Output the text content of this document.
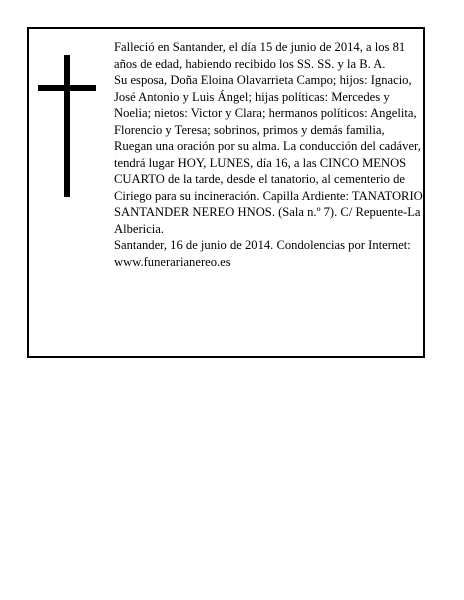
Falleció en Santander, el día 15 de junio de 2014, a los 81 años de edad, habiendo recibido los SS. SS. y la B. A.

Su esposa, Doña Eloina Olavarrieta Campo; hijos: Ignacio, José Antonio y Luis Ángel; hijas políticas: Mercedes y Noelia; nietos: Victor y Clara; hermanos políticos: Angelita, Florencio y Teresa; sobrinos, primos y demás familia,

Ruegan una oración por su alma. La conducción del cadáver, tendrá lugar HOY, LUNES, día 16, a las CINCO MENOS CUARTO de la tarde, desde el tanatorio, al cementerio de Ciriego para su incineración. Capilla Ardiente: TANATORIO SANTANDER NEREO HNOS. (Sala n.º 7). C/ Repuente-La Albericia.

Santander, 16 de junio de 2014. Condolencias por Internet: www.funerarianereo.es
